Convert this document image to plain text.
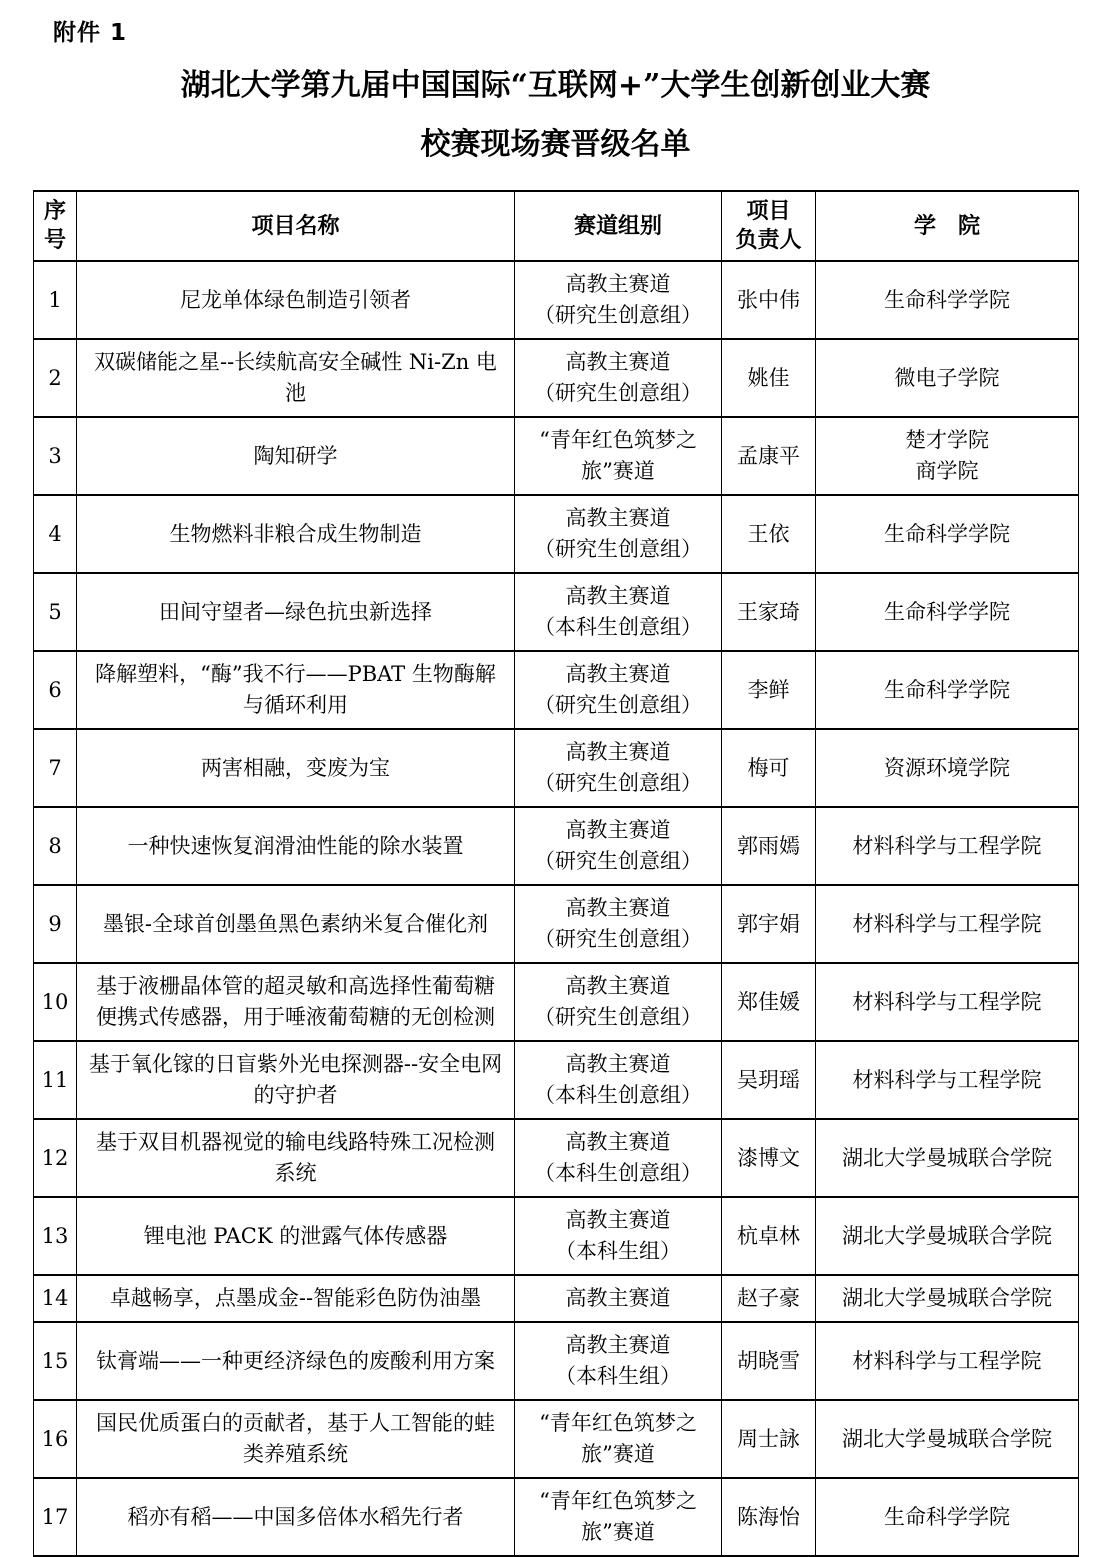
附件 1
湖北大学第九届中国国际“互联网+”大学生创新创业大赛
校赛现场赛晋级名单
序号	项目名称	赛道组别	项目
负责人	学　院
1	尼龙单体绿色制造引领者	高教主赛道
（研究生创意组）	张中伟	生命科学学院

2	双碳储能之星--长续航高安全碱性 Ni-Zn 电池	高教主赛道
（研究生创意组）	姚佳	微电子学院

3	陶知研学	
“青年红色筑梦之
旅”赛道
	孟康平	
楚才学院
商学院

4	生物燃料非粮合成生物制造	高教主赛道
（研究生创意组）	王依	生命科学学院

5	田间守望者—绿色抗虫新选择	高教主赛道
（本科生创意组）	王家琦	生命科学学院

6	降解塑料，“酶”我不行——PBAT 生物酶解与循环利用	高教主赛道
（研究生创意组）	李鲜	生命科学学院

7	两害相融，变废为宝	高教主赛道
（研究生创意组）	梅可	资源环境学院

8	一种快速恢复润滑油性能的除水装置	高教主赛道
（研究生创意组）	郭雨嫣	材料科学与工程学院

9	墨银-全球首创墨鱼黑色素纳米复合催化剂	高教主赛道
（研究生创意组）	郭宇娟	材料科学与工程学院

10	基于液栅晶体管的超灵敏和高选择性葡萄糖便携式传感器，用于唾液葡萄糖的无创检测	高教主赛道
（研究生创意组）	郑佳媛	材料科学与工程学院

11	基于氧化镓的日盲紫外光电探测器--安全电网的守护者	高教主赛道
（本科生创意组）	吴玥瑶	材料科学与工程学院

12	基于双目机器视觉的输电线路特殊工况检测系统	高教主赛道
（本科生创意组）	漆博文	湖北大学曼城联合学院

13	锂电池 PACK 的泄露气体传感器	高教主赛道
（本科生组）	杭卓林	湖北大学曼城联合学院

14	卓越畅享，点墨成金--智能彩色防伪油墨	高教主赛道	赵子豪	湖北大学曼城联合学院

15	钛膏端——一种更经济绿色的废酸利用方案	高教主赛道
（本科生组）	胡晓雪	材料科学与工程学院

16	国民优质蛋白的贡献者，基于人工智能的蛙类养殖系统	“青年红色筑梦之
旅”赛道	周士詠	湖北大学曼城联合学院

17	稻亦有稻——中国多倍体水稻先行者	“青年红色筑梦之
旅”赛道	陈海怡	生命科学学院
